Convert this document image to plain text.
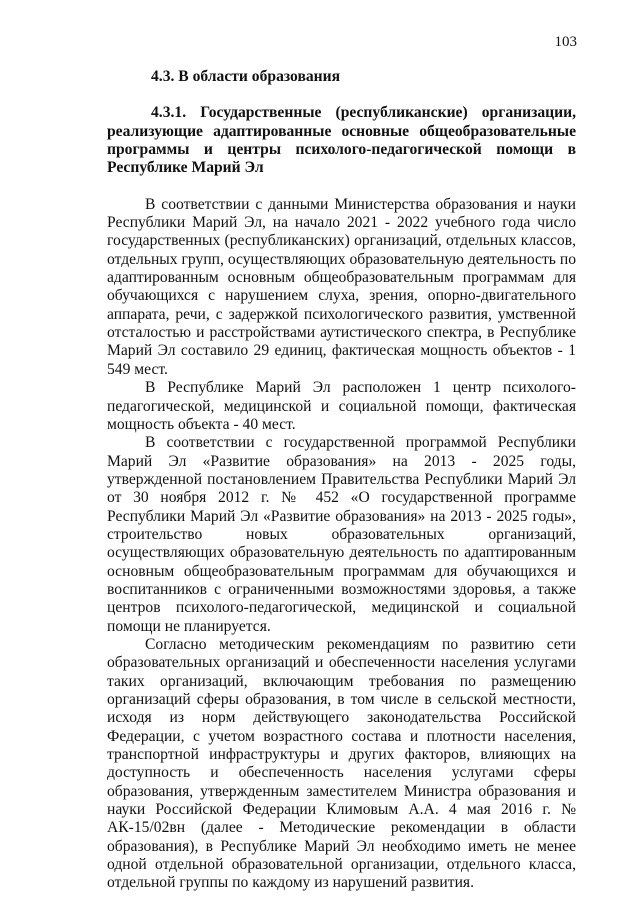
103

4.3. В области образования

4.3.1. Государственные (республиканские) организации, реализующие адаптированные основные общеобразовательные программы и центры психолого-педагогической помощи в Республике Марий Эл

В соответствии с данными Министерства образования и науки Республики Марий Эл, на начало 2021 - 2022 учебного года число государственных (республиканских) организаций, отдельных классов, отдельных групп, осуществляющих образовательную деятельность по адаптированным основным общеобразовательным программам для обучающихся с нарушением слуха, зрения, опорно-двигательного аппарата, речи, с задержкой психологического развития, умственной отсталостью и расстройствами аутистического спектра, в Республике Марий Эл составило 29 единиц, фактическая мощность объектов - 1 549 мест.

В Республике Марий Эл расположен 1 центр психолого-педагогической, медицинской и социальной помощи, фактическая мощность объекта - 40 мест.

В соответствии с государственной программой Республики Марий Эл «Развитие образования» на 2013 - 2025 годы, утвержденной постановлением Правительства Республики Марий Эл от 30 ноября 2012 г. № 452 «О государственной программе Республики Марий Эл «Развитие образования» на 2013 - 2025 годы», строительство новых образовательных организаций, осуществляющих образовательную деятельность по адаптированным основным общеобразовательным программам для обучающихся и воспитанников с ограниченными возможностями здоровья, а также центров психолого-педагогической, медицинской и социальной помощи не планируется.

Согласно методическим рекомендациям по развитию сети образовательных организаций и обеспеченности населения услугами таких организаций, включающим требования по размещению организаций сферы образования, в том числе в сельской местности, исходя из норм действующего законодательства Российской Федерации, с учетом возрастного состава и плотности населения, транспортной инфраструктуры и других факторов, влияющих на доступность и обеспеченность населения услугами сферы образования, утвержденным заместителем Министра образования и науки Российской Федерации Климовым А.А. 4 мая 2016 г. № АК-15/02вн (далее - Методические рекомендации в области образования), в Республике Марий Эл необходимо иметь не менее одной отдельной образовательной организации, отдельного класса, отдельной группы по каждому из нарушений развития.
